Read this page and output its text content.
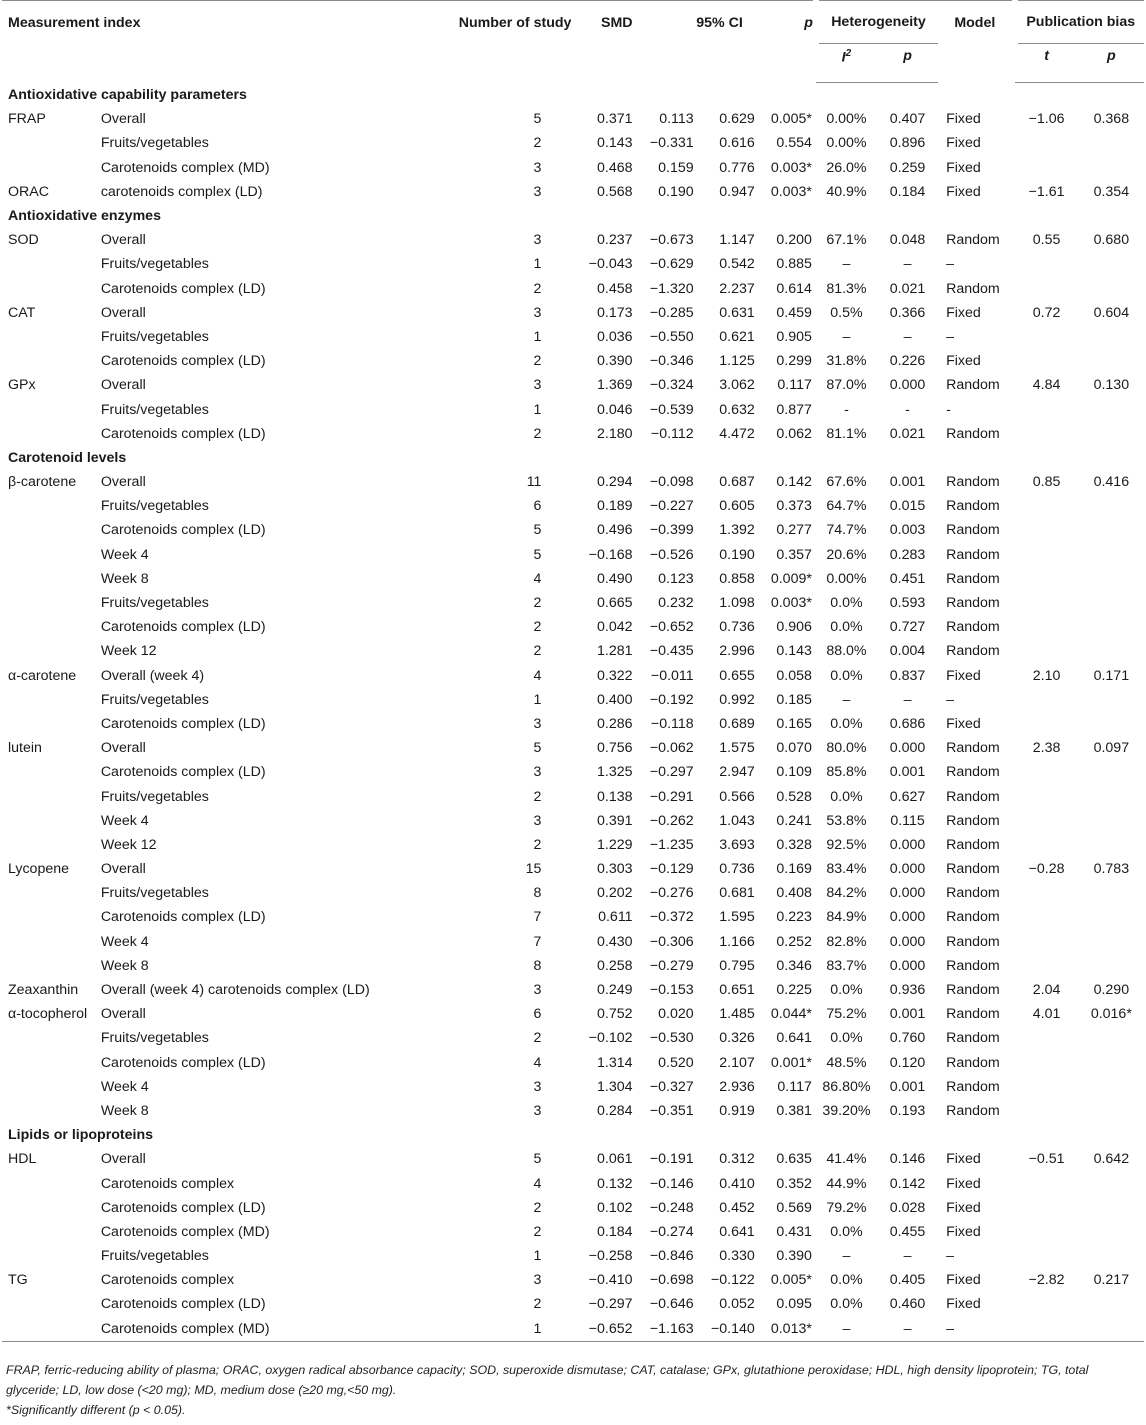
Measurement index		Number of study	SMD	95% CI		p	Heterogeneity		Model	Publication bias	
							$I^2$	p		t	p
Antioxidative capability parameters											
FRAP	Overall	5	0.371	0.113	0.629	0.005*	0.00%	0.407	Fixed	−1.06	0.368
	Fruits/vegetables	2	0.143	−0.331	0.616	0.554	0.00%	0.896	Fixed		
	Carotenoids complex (MD)	3	0.468	0.159	0.776	0.003*	26.0%	0.259	Fixed		
ORAC	carotenoids complex (LD)	3	0.568	0.190	0.947	0.003*	40.9%	0.184	Fixed	−1.61	0.354
Antioxidative enzymes											
SOD	Overall	3	0.237	−0.673	1.147	0.200	67.1%	0.048	Random	0.55	0.680
	Fruits/vegetables	1	−0.043	−0.629	0.542	0.885	–	–	–		
	Carotenoids complex (LD)	2	0.458	−1.320	2.237	0.614	81.3%	0.021	Random		
CAT	Overall	3	0.173	−0.285	0.631	0.459	0.5%	0.366	Fixed	0.72	0.604
	Fruits/vegetables	1	0.036	−0.550	0.621	0.905	–	–	–		
	Carotenoids complex (LD)	2	0.390	−0.346	1.125	0.299	31.8%	0.226	Fixed		
GPx	Overall	3	1.369	−0.324	3.062	0.117	87.0%	0.000	Random	4.84	0.130
	Fruits/vegetables	1	0.046	−0.539	0.632	0.877	-	-	-		
	Carotenoids complex (LD)	2	2.180	−0.112	4.472	0.062	81.1%	0.021	Random		
Carotenoid levels											
β-carotene	Overall	11	0.294	−0.098	0.687	0.142	67.6%	0.001	Random	0.85	0.416
	Fruits/vegetables	6	0.189	−0.227	0.605	0.373	64.7%	0.015	Random		
	Carotenoids complex (LD)	5	0.496	−0.399	1.392	0.277	74.7%	0.003	Random		
	Week 4	5	−0.168	−0.526	0.190	0.357	20.6%	0.283	Random		
	Week 8	4	0.490	0.123	0.858	0.009*	0.00%	0.451	Random		
	Fruits/vegetables	2	0.665	0.232	1.098	0.003*	0.0%	0.593	Random		
	Carotenoids complex (LD)	2	0.042	−0.652	0.736	0.906	0.0%	0.727	Random		
	Week 12	2	1.281	−0.435	2.996	0.143	88.0%	0.004	Random		
α-carotene	Overall (week 4)	4	0.322	−0.011	0.655	0.058	0.0%	0.837	Fixed	2.10	0.171
	Fruits/vegetables	1	0.400	−0.192	0.992	0.185	–	–	–		
	Carotenoids complex (LD)	3	0.286	−0.118	0.689	0.165	0.0%	0.686	Fixed		
lutein	Overall	5	0.756	−0.062	1.575	0.070	80.0%	0.000	Random	2.38	0.097
	Carotenoids complex (LD)	3	1.325	−0.297	2.947	0.109	85.8%	0.001	Random		
	Fruits/vegetables	2	0.138	−0.291	0.566	0.528	0.0%	0.627	Random		
	Week 4	3	0.391	−0.262	1.043	0.241	53.8%	0.115	Random		
	Week 12	2	1.229	−1.235	3.693	0.328	92.5%	0.000	Random		
Lycopene	Overall	15	0.303	−0.129	0.736	0.169	83.4%	0.000	Random	−0.28	0.783
	Fruits/vegetables	8	0.202	−0.276	0.681	0.408	84.2%	0.000	Random		
	Carotenoids complex (LD)	7	0.611	−0.372	1.595	0.223	84.9%	0.000	Random		
	Week 4	7	0.430	−0.306	1.166	0.252	82.8%	0.000	Random		
	Week 8	8	0.258	−0.279	0.795	0.346	83.7%	0.000	Random		
Zeaxanthin	Overall (week 4) carotenoids complex (LD)	3	0.249	−0.153	0.651	0.225	0.0%	0.936	Random	2.04	0.290
α-tocopherol	Overall	6	0.752	0.020	1.485	0.044*	75.2%	0.001	Random	4.01	0.016*
	Fruits/vegetables	2	−0.102	−0.530	0.326	0.641	0.0%	0.760	Random		
	Carotenoids complex (LD)	4	1.314	0.520	2.107	0.001*	48.5%	0.120	Random		
	Week 4	3	1.304	−0.327	2.936	0.117	86.80%	0.001	Random		
	Week 8	3	0.284	−0.351	0.919	0.381	39.20%	0.193	Random		
Lipids or lipoproteins											
HDL	Overall	5	0.061	−0.191	0.312	0.635	41.4%	0.146	Fixed	−0.51	0.642
	Carotenoids complex	4	0.132	−0.146	0.410	0.352	44.9%	0.142	Fixed		
	Carotenoids complex (LD)	2	0.102	−0.248	0.452	0.569	79.2%	0.028	Fixed		
	Carotenoids complex (MD)	2	0.184	−0.274	0.641	0.431	0.0%	0.455	Fixed		
	Fruits/vegetables	1	−0.258	−0.846	0.330	0.390	–	–	–		
TG	Carotenoids complex	3	−0.410	−0.698	−0.122	0.005*	0.0%	0.405	Fixed	−2.82	0.217
	Carotenoids complex (LD)	2	−0.297	−0.646	0.052	0.095	0.0%	0.460	Fixed		
	Carotenoids complex (MD)	1	−0.652	−1.163	−0.140	0.013*	–	–	–		

FRAP, ferric-reducing ability of plasma; ORAC, oxygen radical absorbance capacity; SOD, superoxide dismutase; CAT, catalase; GPx, glutathione peroxidase; HDL, high density lipoprotein; TG, total glyceride; LD, low dose (<20 mg); MD, medium dose (≥20 mg,<50 mg).

*Significantly different (p < 0.05).
